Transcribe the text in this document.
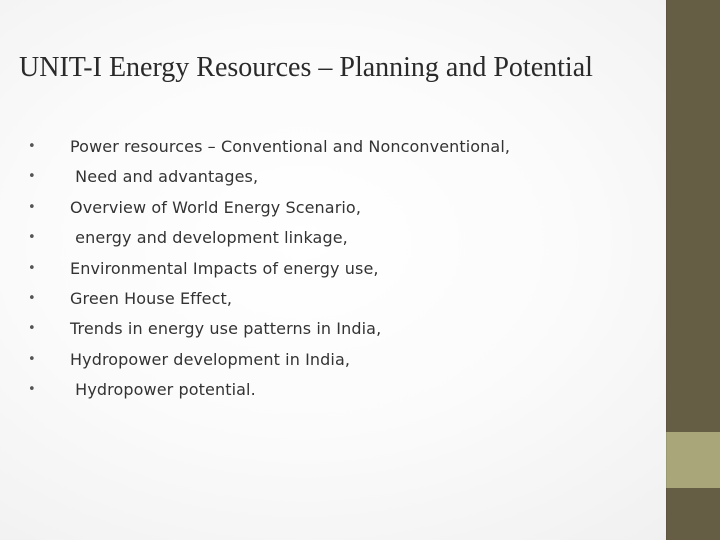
UNIT-I Energy Resources – Planning and Potential
• Power resources – Conventional and Nonconventional,
• Need and advantages,
• Overview of World Energy Scenario,
• energy and development linkage,
• Environmental Impacts of energy use,
• Green House Effect,
• Trends in energy use patterns in India,
• Hydropower development in India,
• Hydropower potential.
